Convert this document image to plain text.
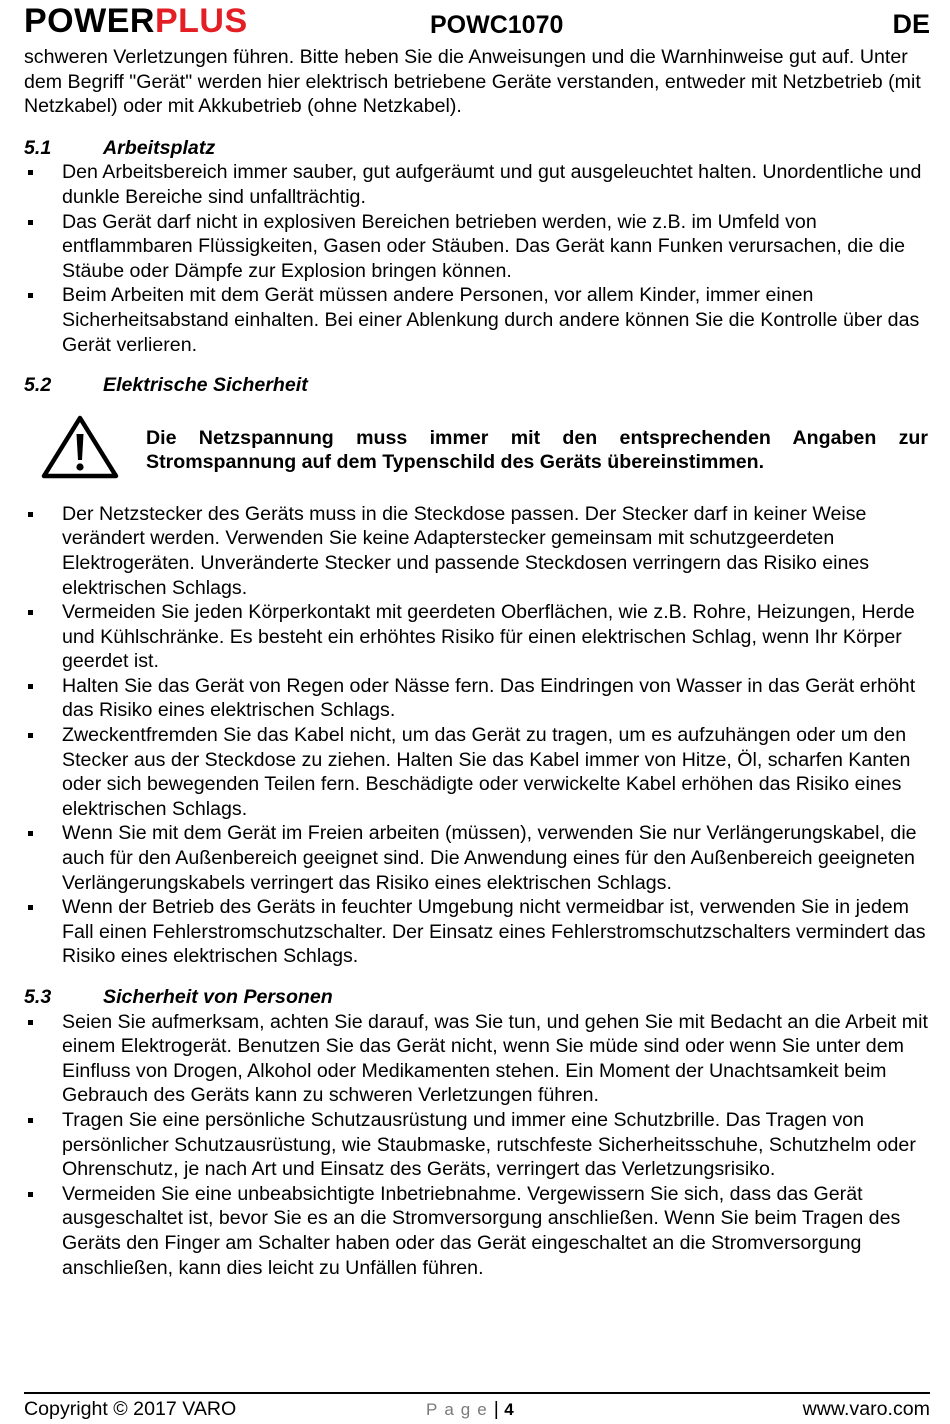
POWERPLUS	POWC1070	DE

schweren Verletzungen führen. Bitte heben Sie die Anweisungen und die Warnhinweise gut auf. Unter dem Begriff "Gerät" werden hier elektrisch betriebene Geräte verstanden, entweder mit Netzbetrieb (mit Netzkabel) oder mit Akkubetrieb (ohne Netzkabel).

5.1	Arbeitsplatz
Den Arbeitsbereich immer sauber, gut aufgeräumt und gut ausgeleuchtet halten. Unordentliche und dunkle Bereiche sind unfallträchtig.
Das Gerät darf nicht in explosiven Bereichen betrieben werden, wie z.B. im Umfeld von entflammbaren Flüssigkeiten, Gasen oder Stäuben. Das Gerät kann Funken verursachen, die die Stäube oder Dämpfe zur Explosion bringen können.
Beim Arbeiten mit dem Gerät müssen andere Personen, vor allem Kinder, immer einen Sicherheitsabstand einhalten. Bei einer Ablenkung durch andere können Sie die Kontrolle über das Gerät verlieren.
5.2	Elektrische Sicherheit
Die Netzspannung muss immer mit den entsprechenden Angaben zur Stromspannung auf dem Typenschild des Geräts übereinstimmen.
Der Netzstecker des Geräts muss in die Steckdose passen. Der Stecker darf in keiner Weise verändert werden. Verwenden Sie keine Adapterstecker gemeinsam mit schutzgeerdeten Elektrogeräten. Unveränderte Stecker und passende Steckdosen verringern das Risiko eines elektrischen Schlags.
Vermeiden Sie jeden Körperkontakt mit geerdeten Oberflächen, wie z.B. Rohre, Heizungen, Herde und Kühlschränke. Es besteht ein erhöhtes Risiko für einen elektrischen Schlag, wenn Ihr Körper geerdet ist.
Halten Sie das Gerät von Regen oder Nässe fern. Das Eindringen von Wasser in das Gerät erhöht das Risiko eines elektrischen Schlags.
Zweckentfremden Sie das Kabel nicht, um das Gerät zu tragen, um es aufzuhängen oder um den Stecker aus der Steckdose zu ziehen. Halten Sie das Kabel immer von Hitze, Öl, scharfen Kanten oder sich bewegenden Teilen fern. Beschädigte oder verwickelte Kabel erhöhen das Risiko eines elektrischen Schlags.
Wenn Sie mit dem Gerät im Freien arbeiten (müssen), verwenden Sie nur Verlängerungskabel, die auch für den Außenbereich geeignet sind. Die Anwendung eines für den Außenbereich geeigneten Verlängerungskabels verringert das Risiko eines elektrischen Schlags.
Wenn der Betrieb des Geräts in feuchter Umgebung nicht vermeidbar ist, verwenden Sie in jedem Fall einen Fehlerstromschutzschalter. Der Einsatz eines Fehlerstromschutzschalters vermindert das Risiko eines elektrischen Schlags.
5.3	Sicherheit von Personen
Seien Sie aufmerksam, achten Sie darauf, was Sie tun, und gehen Sie mit Bedacht an die Arbeit mit einem Elektrogerät. Benutzen Sie das Gerät nicht, wenn Sie müde sind oder wenn Sie unter dem Einfluss von Drogen, Alkohol oder Medikamenten stehen. Ein Moment der Unachtsamkeit beim Gebrauch des Geräts kann zu schweren Verletzungen führen.
Tragen Sie eine persönliche Schutzausrüstung und immer eine Schutzbrille. Das Tragen von persönlicher Schutzausrüstung, wie Staubmaske, rutschfeste Sicherheitsschuhe, Schutzhelm oder Ohrenschutz, je nach Art und Einsatz des Geräts, verringert das Verletzungsrisiko.
Vermeiden Sie eine unbeabsichtigte Inbetriebnahme. Vergewissern Sie sich, dass das Gerät ausgeschaltet ist, bevor Sie es an die Stromversorgung anschließen. Wenn Sie beim Tragen des Geräts den Finger am Schalter haben oder das Gerät eingeschaltet an die Stromversorgung anschließen, kann dies leicht zu Unfällen führen.
Copyright © 2017 VARO	Page| 4	www.varo.com
